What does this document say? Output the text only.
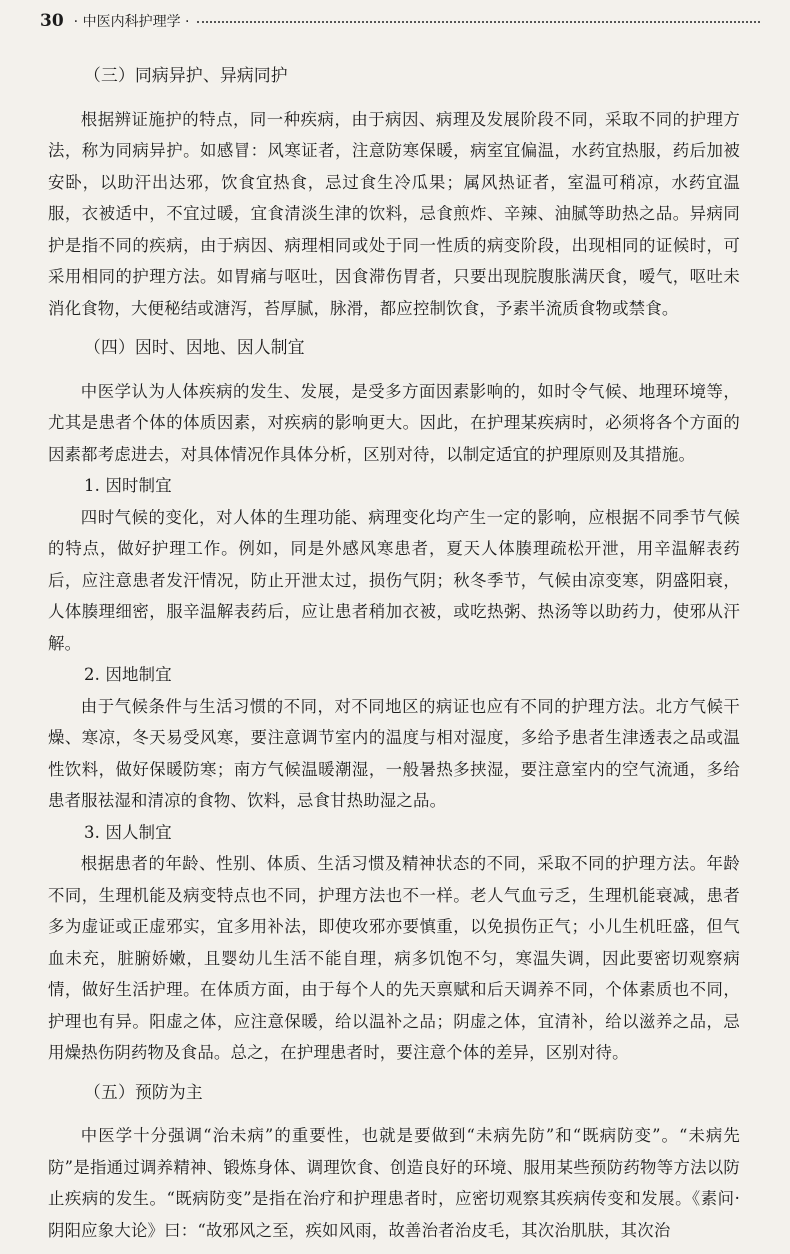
30 · 中医内科护理学 ·
（三）同病异护、异病同护

根据辨证施护的特点，同一种疾病，由于病因、病理及发展阶段不同，采取不同的护理方法，称为同病异护。如感冒：风寒证者，注意防寒保暖，病室宜偏温，水药宜热服，药后加被安卧，以助汗出达邪，饮食宜热食，忌过食生冷瓜果；属风热证者，室温可稍凉，水药宜温服，衣被适中，不宜过暖，宜食清淡生津的饮料，忌食煎炸、辛辣、油腻等助热之品。异病同护是指不同的疾病，由于病因、病理相同或处于同一性质的病变阶段，出现相同的证候时，可采用相同的护理方法。如胃痛与呕吐，因食滞伤胃者，只要出现脘腹胀满厌食，嗳气，呕吐未消化食物，大便秘结或溏泻，苔厚腻，脉滑，都应控制饮食，予素半流质食物或禁食。

（四）因时、因地、因人制宜

中医学认为人体疾病的发生、发展，是受多方面因素影响的，如时令气候、地理环境等，尤其是患者个体的体质因素，对疾病的影响更大。因此，在护理某疾病时，必须将各个方面的因素都考虑进去，对具体情况作具体分析，区别对待，以制定适宜的护理原则及其措施。

1. 因时制宜

四时气候的变化，对人体的生理功能、病理变化均产生一定的影响，应根据不同季节气候的特点，做好护理工作。例如，同是外感风寒患者，夏天人体腠理疏松开泄，用辛温解表药后，应注意患者发汗情况，防止开泄太过，损伤气阴；秋冬季节，气候由凉变寒，阴盛阳衰，人体腠理细密，服辛温解表药后，应让患者稍加衣被，或吃热粥、热汤等以助药力，使邪从汗解。

2. 因地制宜

由于气候条件与生活习惯的不同，对不同地区的病证也应有不同的护理方法。北方气候干燥、寒凉，冬天易受风寒，要注意调节室内的温度与相对湿度，多给予患者生津透表之品或温性饮料，做好保暖防寒；南方气候温暖潮湿，一般暑热多挟湿，要注意室内的空气流通，多给患者服祛湿和清凉的食物、饮料，忌食甘热助湿之品。

3. 因人制宜

根据患者的年龄、性别、体质、生活习惯及精神状态的不同，采取不同的护理方法。年龄不同，生理机能及病变特点也不同，护理方法也不一样。老人气血亏乏，生理机能衰减，患者多为虚证或正虚邪实，宜多用补法，即使攻邪亦要慎重，以免损伤正气；小儿生机旺盛，但气血未充，脏腑娇嫩，且婴幼儿生活不能自理，病多饥饱不匀，寒温失调，因此要密切观察病情，做好生活护理。在体质方面，由于每个人的先天禀赋和后天调养不同，个体素质也不同，护理也有异。阳虚之体，应注意保暖，给以温补之品；阴虚之体，宜清补，给以滋养之品，忌用燥热伤阴药物及食品。总之，在护理患者时，要注意个体的差异，区别对待。

（五）预防为主

中医学十分强调“治未病”的重要性，也就是要做到“未病先防”和“既病防变”。“未病先防”是指通过调养精神、锻炼身体、调理饮食、创造良好的环境、服用某些预防药物等方法以防止疾病的发生。“既病防变”是指在治疗和护理患者时，应密切观察其疾病传变和发展。《素问·阴阳应象大论》曰：“故邪风之至，疾如风雨，故善治者治皮毛，其次治肌肤，其次治
